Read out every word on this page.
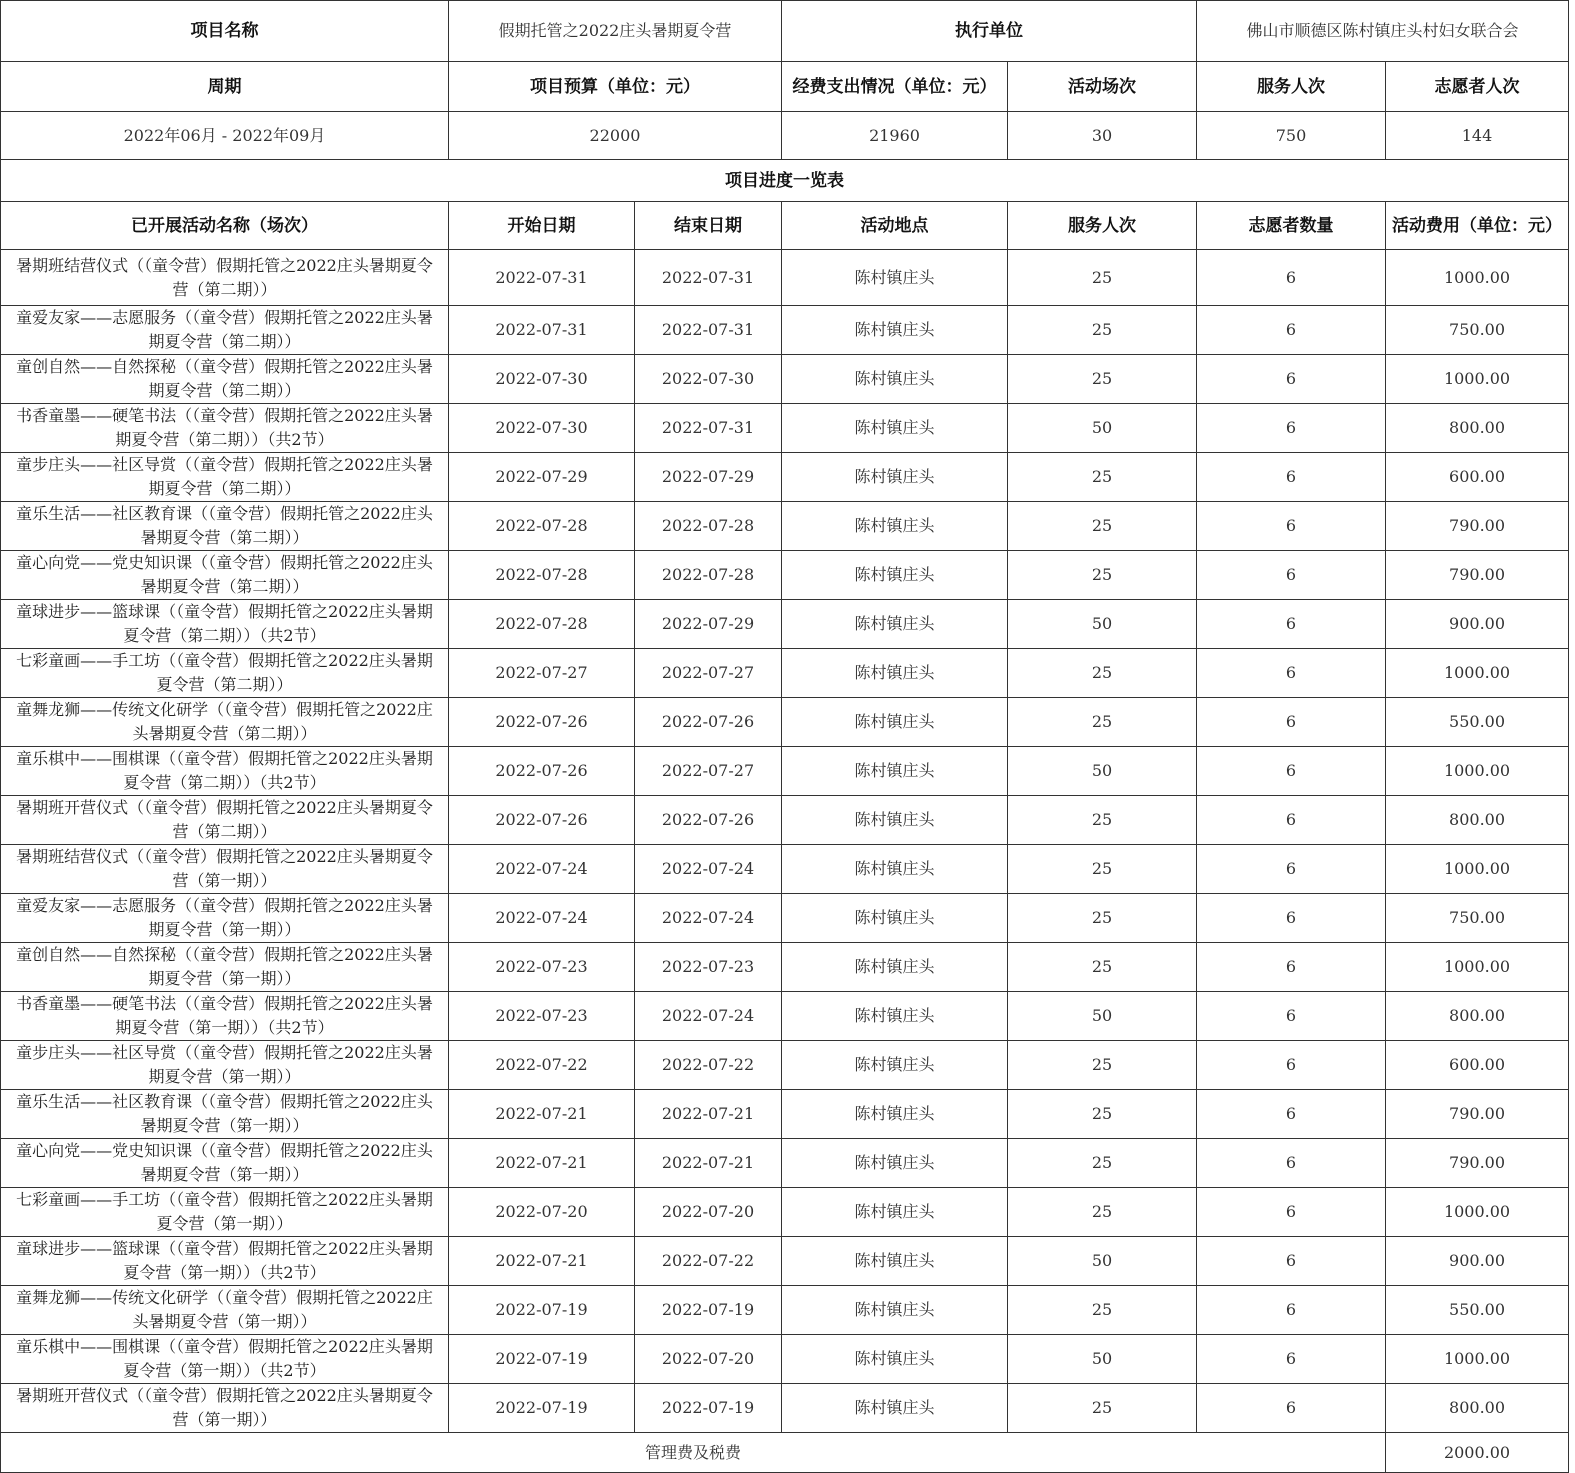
项目名称	假期托管之2022庄头暑期夏令营		执行单位		佛山市顺德区陈村镇庄头村妇女联合会	
周期	项目预算（单位：元）		经费支出情况（单位：元）	活动场次	服务人次	志愿者人次
2022年06月 - 2022年09月	22000		21960	30	750	144
项目进度一览表						
已开展活动名称（场次）	开始日期	结束日期	活动地点	服务人次	志愿者数量	活动费用（单位：元）
暑期班结营仪式（（童令营）假期托管之2022庄头暑期夏令营（第二期））	2022-07-31	2022-07-31	陈村镇庄头	25	6	1000.00
童爱友家——志愿服务（（童令营）假期托管之2022庄头暑期夏令营（第二期））	2022-07-31	2022-07-31	陈村镇庄头	25	6	750.00
童创自然——自然探秘（（童令营）假期托管之2022庄头暑期夏令营（第二期））	2022-07-30	2022-07-30	陈村镇庄头	25	6	1000.00
书香童墨——硬笔书法（（童令营）假期托管之2022庄头暑期夏令营（第二期））（共2节）	2022-07-30	2022-07-31	陈村镇庄头	50	6	800.00
童步庄头——社区导赏（（童令营）假期托管之2022庄头暑期夏令营（第二期））	2022-07-29	2022-07-29	陈村镇庄头	25	6	600.00
童乐生活——社区教育课（（童令营）假期托管之2022庄头暑期夏令营（第二期））	2022-07-28	2022-07-28	陈村镇庄头	25	6	790.00
童心向党——党史知识课（（童令营）假期托管之2022庄头暑期夏令营（第二期））	2022-07-28	2022-07-28	陈村镇庄头	25	6	790.00
童球进步——篮球课（（童令营）假期托管之2022庄头暑期夏令营（第二期））（共2节）	2022-07-28	2022-07-29	陈村镇庄头	50	6	900.00
七彩童画——手工坊（（童令营）假期托管之2022庄头暑期夏令营（第二期））	2022-07-27	2022-07-27	陈村镇庄头	25	6	1000.00
童舞龙狮——传统文化研学（（童令营）假期托管之2022庄头暑期夏令营（第二期））	2022-07-26	2022-07-26	陈村镇庄头	25	6	550.00
童乐棋中——围棋课（（童令营）假期托管之2022庄头暑期夏令营（第二期））（共2节）	2022-07-26	2022-07-27	陈村镇庄头	50	6	1000.00
暑期班开营仪式（（童令营）假期托管之2022庄头暑期夏令营（第二期））	2022-07-26	2022-07-26	陈村镇庄头	25	6	800.00
暑期班结营仪式（（童令营）假期托管之2022庄头暑期夏令营（第一期））	2022-07-24	2022-07-24	陈村镇庄头	25	6	1000.00
童爱友家——志愿服务（（童令营）假期托管之2022庄头暑期夏令营（第一期））	2022-07-24	2022-07-24	陈村镇庄头	25	6	750.00
童创自然——自然探秘（（童令营）假期托管之2022庄头暑期夏令营（第一期））	2022-07-23	2022-07-23	陈村镇庄头	25	6	1000.00
书香童墨——硬笔书法（（童令营）假期托管之2022庄头暑期夏令营（第一期））（共2节）	2022-07-23	2022-07-24	陈村镇庄头	50	6	800.00
童步庄头——社区导赏（（童令营）假期托管之2022庄头暑期夏令营（第一期））	2022-07-22	2022-07-22	陈村镇庄头	25	6	600.00
童乐生活——社区教育课（（童令营）假期托管之2022庄头暑期夏令营（第一期））	2022-07-21	2022-07-21	陈村镇庄头	25	6	790.00
童心向党——党史知识课（（童令营）假期托管之2022庄头暑期夏令营（第一期））	2022-07-21	2022-07-21	陈村镇庄头	25	6	790.00
七彩童画——手工坊（（童令营）假期托管之2022庄头暑期夏令营（第一期））	2022-07-20	2022-07-20	陈村镇庄头	25	6	1000.00
童球进步——篮球课（（童令营）假期托管之2022庄头暑期夏令营（第一期））（共2节）	2022-07-21	2022-07-22	陈村镇庄头	50	6	900.00
童舞龙狮——传统文化研学（（童令营）假期托管之2022庄头暑期夏令营（第一期））	2022-07-19	2022-07-19	陈村镇庄头	25	6	550.00
童乐棋中——围棋课（（童令营）假期托管之2022庄头暑期夏令营（第一期））（共2节）	2022-07-19	2022-07-20	陈村镇庄头	50	6	1000.00
暑期班开营仪式（（童令营）假期托管之2022庄头暑期夏令营（第一期））	2022-07-19	2022-07-19	陈村镇庄头	25	6	800.00
管理费及税费						2000.00
